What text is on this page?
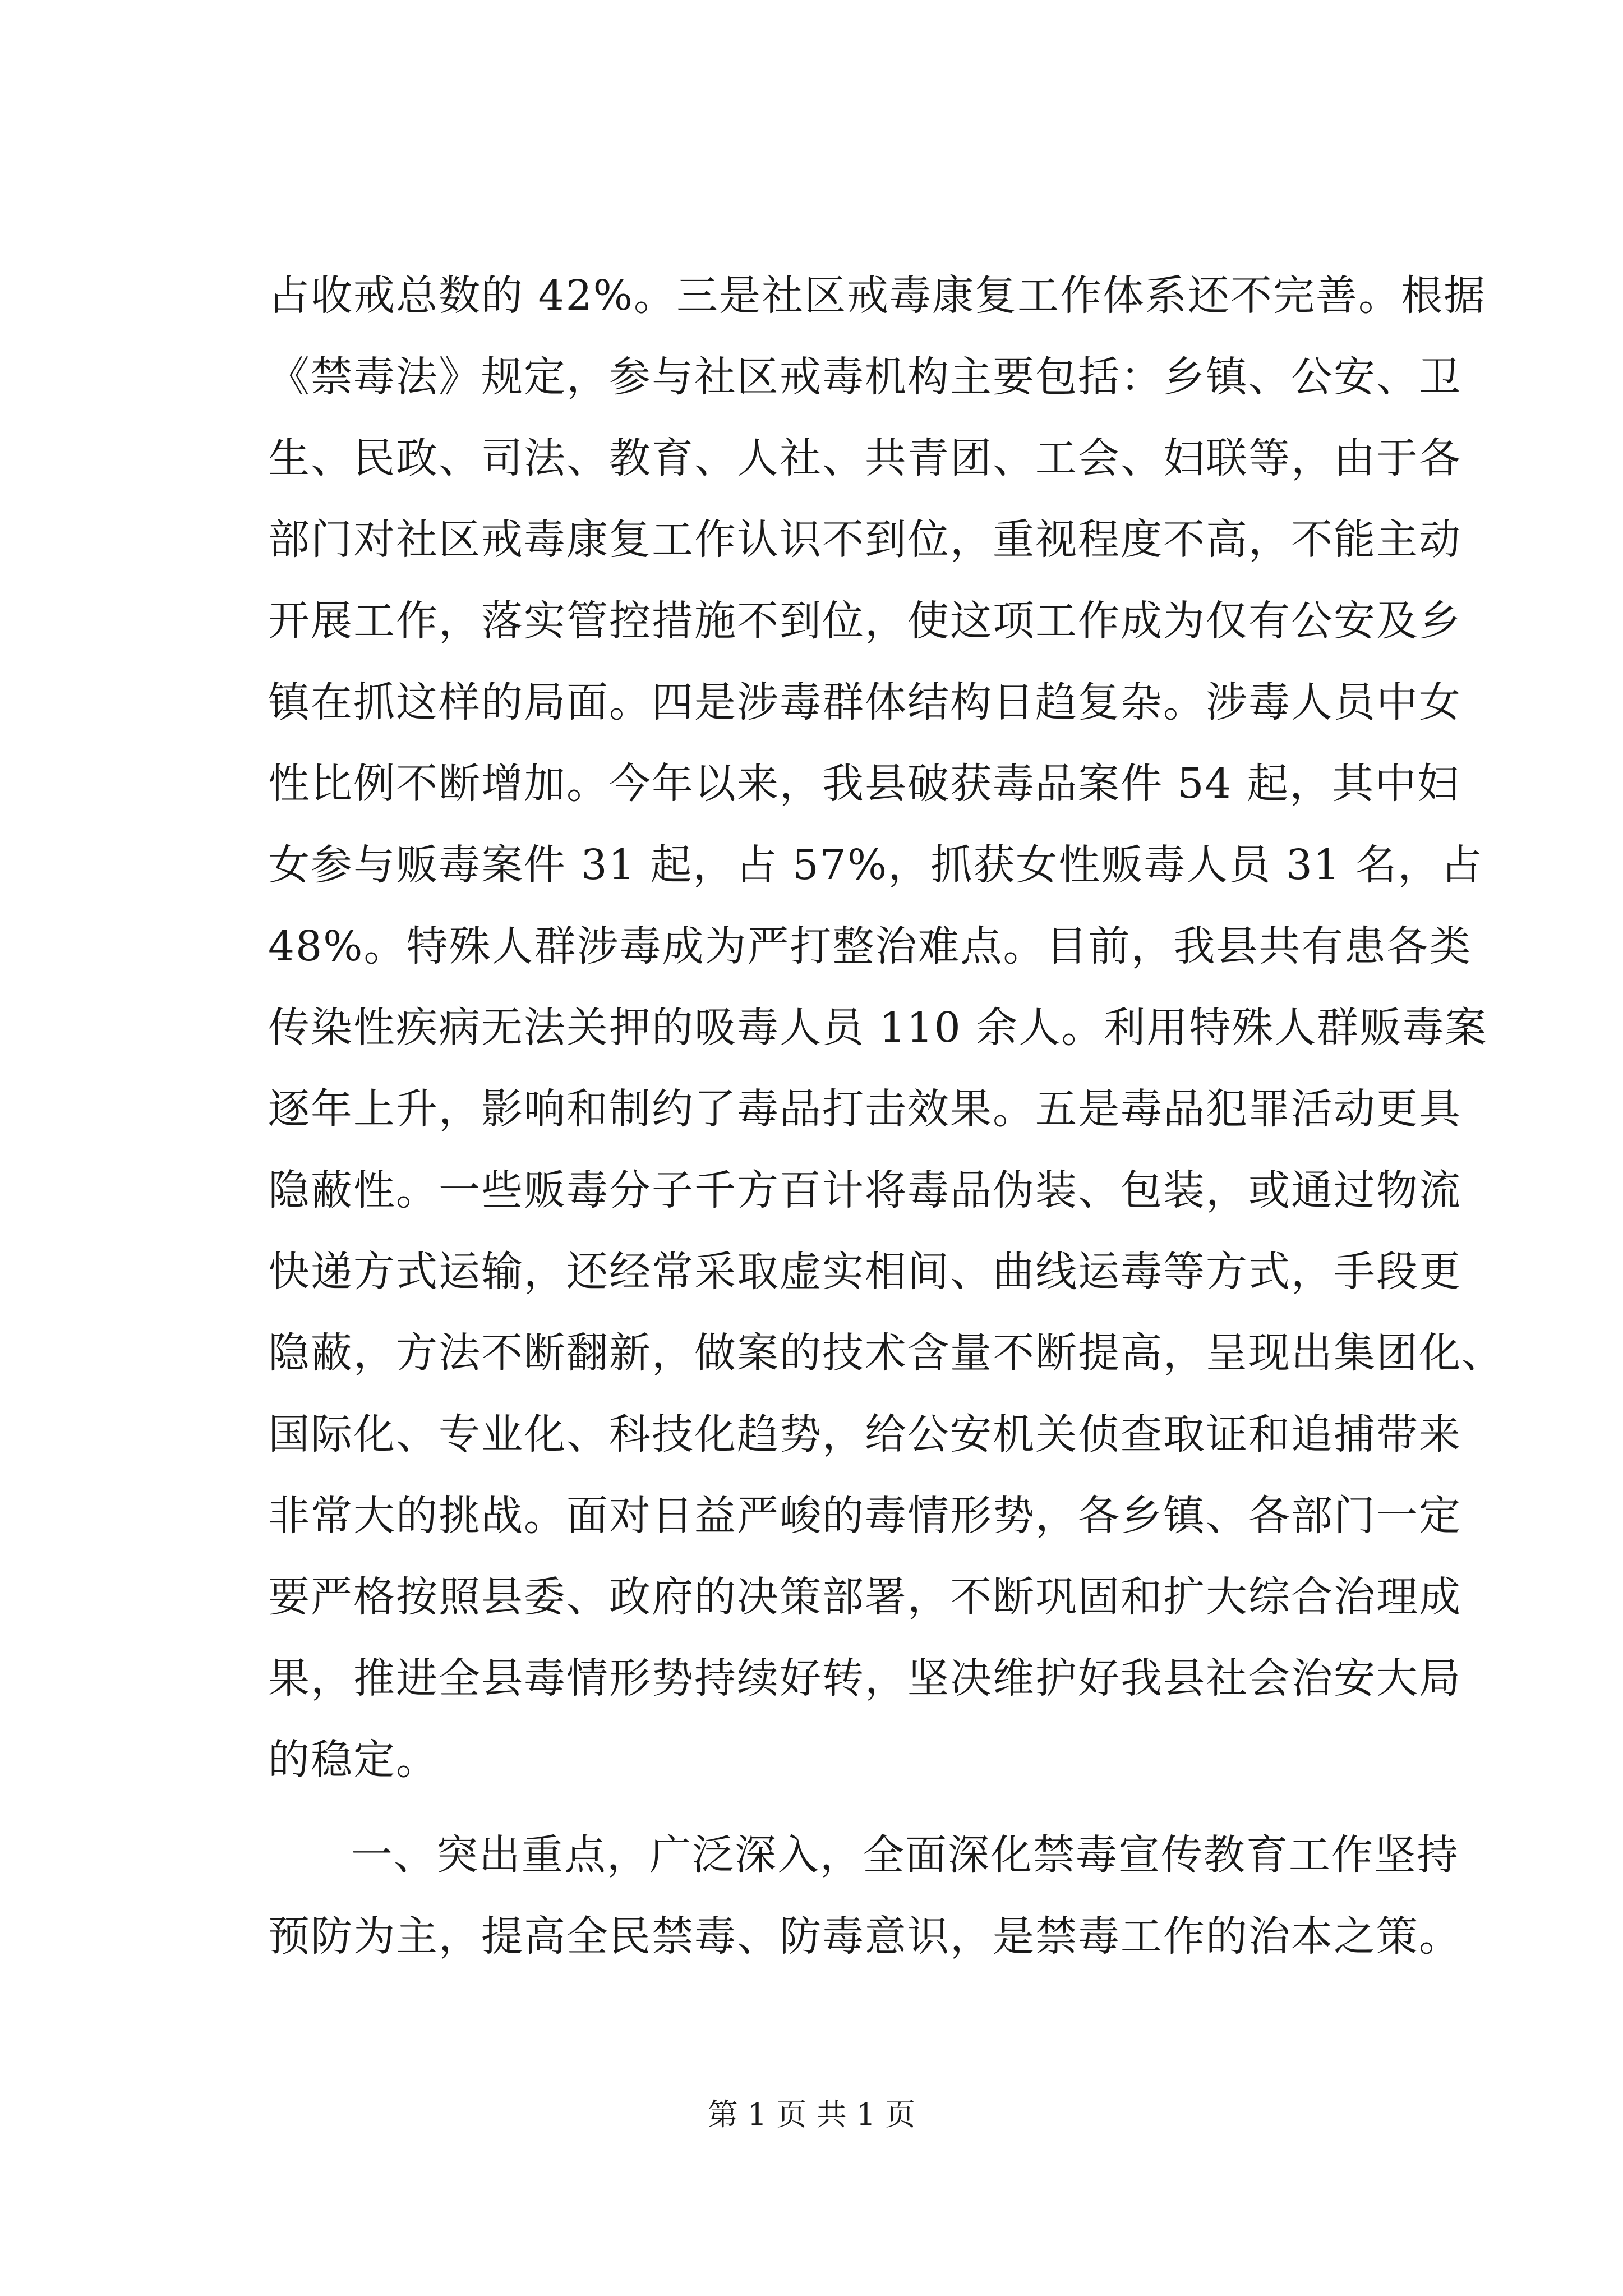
占收戒总数的 42%。三是社区戒毒康复工作体系还不完善。根据
《禁毒法》规定，参与社区戒毒机构主要包括：乡镇、公安、卫
生、民政、司法、教育、人社、共青团、工会、妇联等，由于各
部门对社区戒毒康复工作认识不到位，重视程度不高，不能主动
开展工作，落实管控措施不到位，使这项工作成为仅有公安及乡
镇在抓这样的局面。四是涉毒群体结构日趋复杂。涉毒人员中女
性比例不断增加。今年以来，我县破获毒品案件 54 起，其中妇
女参与贩毒案件 31 起，占 57%，抓获女性贩毒人员 31 名，占
48%。特殊人群涉毒成为严打整治难点。目前，我县共有患各类
传染性疾病无法关押的吸毒人员 110 余人。利用特殊人群贩毒案
逐年上升，影响和制约了毒品打击效果。五是毒品犯罪活动更具
隐蔽性。一些贩毒分子千方百计将毒品伪装、包装，或通过物流
快递方式运输，还经常采取虚实相间、曲线运毒等方式，手段更
隐蔽，方法不断翻新，做案的技术含量不断提高，呈现出集团化、
国际化、专业化、科技化趋势，给公安机关侦查取证和追捕带来
非常大的挑战。面对日益严峻的毒情形势，各乡镇、各部门一定
要严格按照县委、政府的决策部署，不断巩固和扩大综合治理成
果，推进全县毒情形势持续好转，坚决维护好我县社会治安大局
的稳定。
一、突出重点，广泛深入，全面深化禁毒宣传教育工作坚持
预防为主，提高全民禁毒、防毒意识，是禁毒工作的治本之策。
第 1 页 共 1 页
